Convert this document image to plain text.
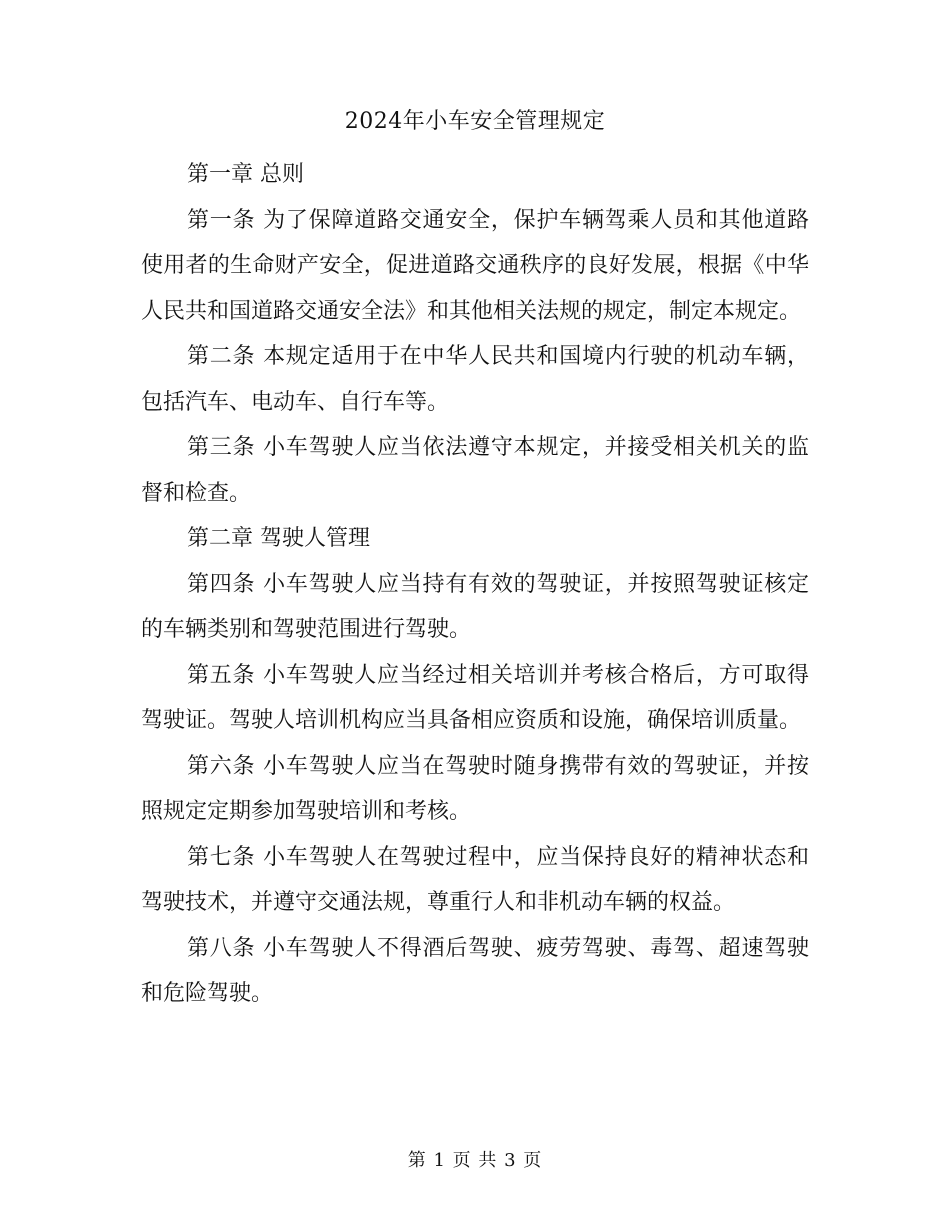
2024年小车安全管理规定

第一章 总则

第一条 为了保障道路交通安全，保护车辆驾乘人员和其他道路使用者的生命财产安全，促进道路交通秩序的良好发展，根据《中华人民共和国道路交通安全法》和其他相关法规的规定，制定本规定。

第二条 本规定适用于在中华人民共和国境内行驶的机动车辆，包括汽车、电动车、自行车等。

第三条 小车驾驶人应当依法遵守本规定，并接受相关机关的监督和检查。

第二章 驾驶人管理

第四条 小车驾驶人应当持有有效的驾驶证，并按照驾驶证核定的车辆类别和驾驶范围进行驾驶。

第五条 小车驾驶人应当经过相关培训并考核合格后，方可取得驾驶证。驾驶人培训机构应当具备相应资质和设施，确保培训质量。

第六条 小车驾驶人应当在驾驶时随身携带有效的驾驶证，并按照规定定期参加驾驶培训和考核。

第七条 小车驾驶人在驾驶过程中，应当保持良好的精神状态和驾驶技术，并遵守交通法规，尊重行人和非机动车辆的权益。

第八条 小车驾驶人不得酒后驾驶、疲劳驾驶、毒驾、超速驾驶和危险驾驶。

第 1 页 共 3 页
